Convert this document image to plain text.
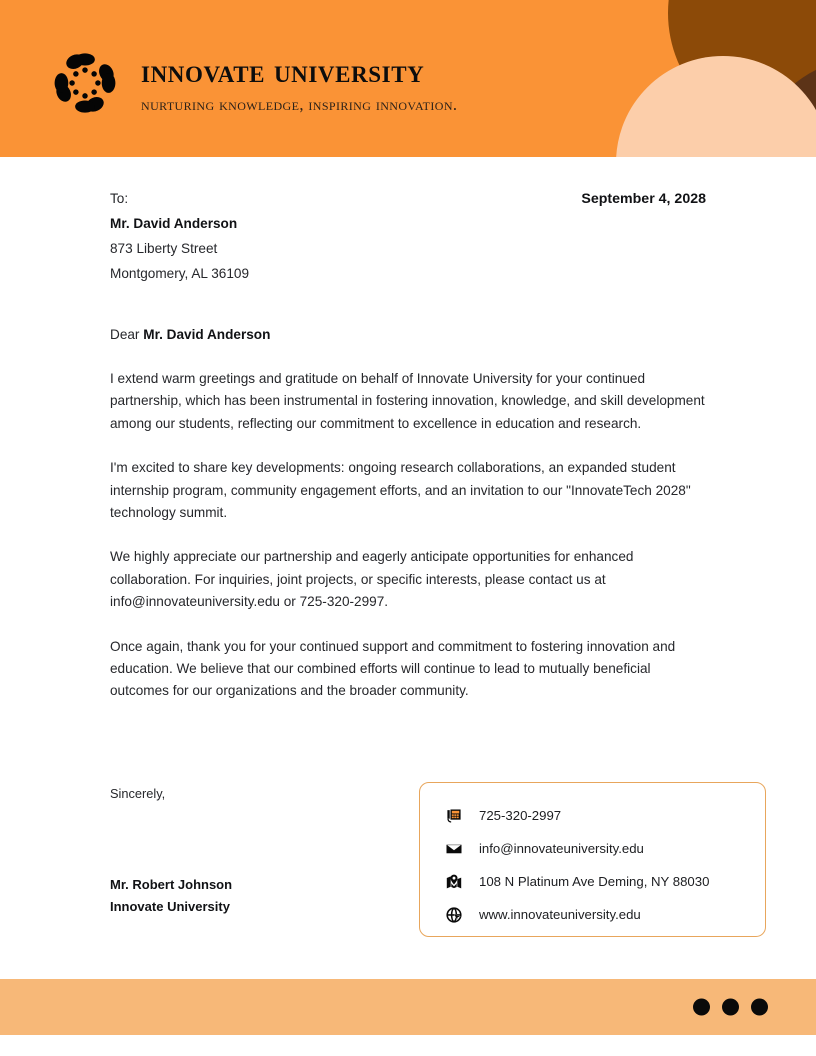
innovate university
nurturing knowledge, inspiring innovation.
To:
Mr. David Anderson
873 Liberty Street
Montgomery, AL 36109
September 4, 2028
Dear Mr. David Anderson

I extend warm greetings and gratitude on behalf of Innovate University for your continued partnership, which has been instrumental in fostering innovation, knowledge, and skill development among our students, reflecting our commitment to excellence in education and research.

I'm excited to share key developments: ongoing research collaborations, an expanded student internship program, community engagement efforts, and an invitation to our "InnovateTech 2028" technology summit.

We highly appreciate our partnership and eagerly anticipate opportunities for enhanced collaboration. For inquiries, joint projects, or specific interests, please contact us at info@innovateuniversity.edu or 725-320-2997.

Once again, thank you for your continued support and commitment to fostering innovation and education. We believe that our combined efforts will continue to lead to mutually beneficial outcomes for our organizations and the broader community.

Sincerely,
Mr. Robert Johnson
Innovate University
725-320-2997
info@innovateuniversity.edu
108 N Platinum Ave Deming, NY 88030
www.innovateuniversity.edu
